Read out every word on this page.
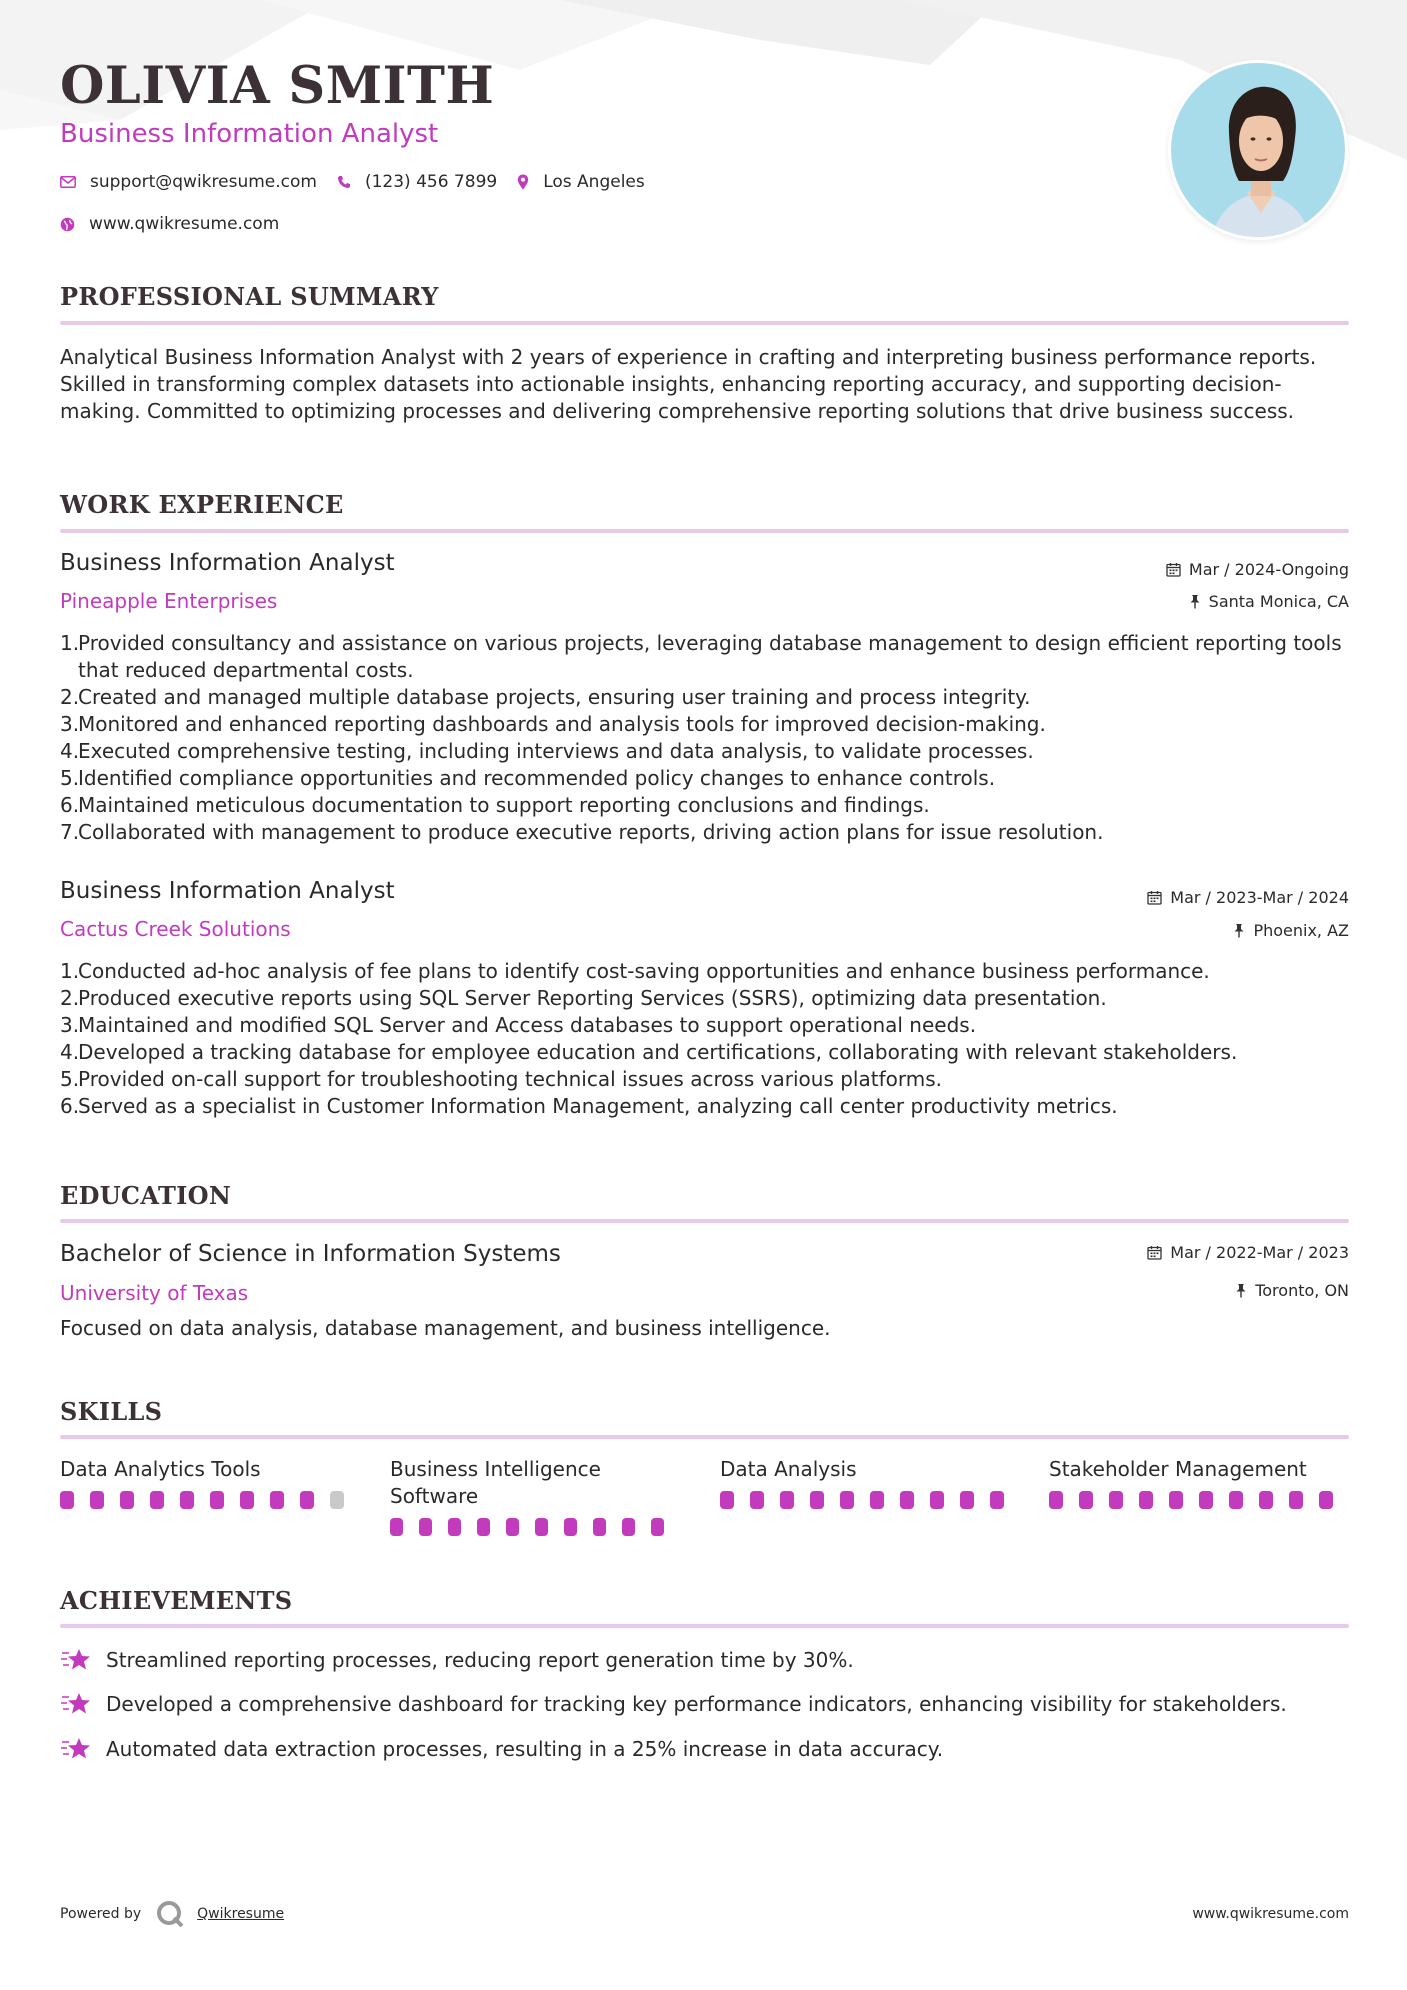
OLIVIA SMITH
Business Information Analyst
support@qwikresume.com	(123) 456 7899	Los Angeles
www.qwikresume.com
PROFESSIONAL SUMMARY

Analytical Business Information Analyst with 2 years of experience in crafting and interpreting business performance reports. Skilled in transforming complex datasets into actionable insights, enhancing reporting accuracy, and supporting decision-making. Committed to optimizing processes and delivering comprehensive reporting solutions that drive business success.

WORK EXPERIENCE
Business Information Analyst
Pineapple Enterprises
Mar / 2024-Ongoing
Santa Monica, CA
1.
Provided consultancy and assistance on various projects, leveraging database management to design efficient reporting tools that reduced departmental costs.
2.
Created and managed multiple database projects, ensuring user training and process integrity.
3.
Monitored and enhanced reporting dashboards and analysis tools for improved decision-making.
4.
Executed comprehensive testing, including interviews and data analysis, to validate processes.
5.
Identified compliance opportunities and recommended policy changes to enhance controls.
6.
Maintained meticulous documentation to support reporting conclusions and findings.
7.
Collaborated with management to produce executive reports, driving action plans for issue resolution.
Business Information Analyst
Cactus Creek Solutions
Mar / 2023-Mar / 2024
Phoenix, AZ
1.
Conducted ad-hoc analysis of fee plans to identify cost-saving opportunities and enhance business performance.
2.
Produced executive reports using SQL Server Reporting Services (SSRS), optimizing data presentation.
3.
Maintained and modified SQL Server and Access databases to support operational needs.
4.
Developed a tracking database for employee education and certifications, collaborating with relevant stakeholders.
5.
Provided on-call support for troubleshooting technical issues across various platforms.
6.
Served as a specialist in Customer Information Management, analyzing call center productivity metrics.
EDUCATION
Bachelor of Science in Information Systems
University of Texas
Mar / 2022-Mar / 2023
Toronto, ON
Focused on data analysis, database management, and business intelligence.
SKILLS
Data Analytics Tools	Business Intelligence Software
Data Analysis	Stakeholder Management
ACHIEVEMENTS
Streamlined reporting processes, reducing report generation time by 30%.
Developed a comprehensive dashboard for tracking key performance indicators, enhancing visibility for stakeholders.
Automated data extraction processes, resulting in a 25% increase in data accuracy.
Powered by	Qwikresume	www.qwikresume.com
